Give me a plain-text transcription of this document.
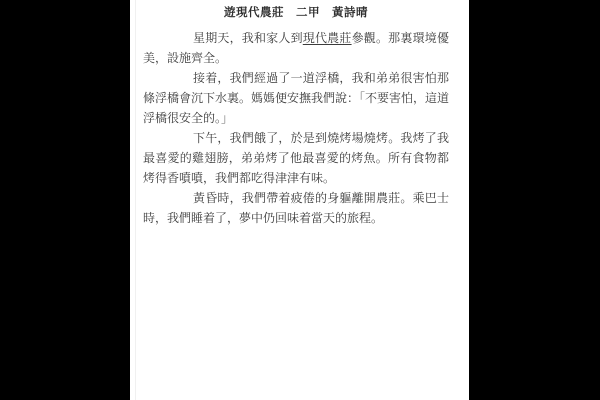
遊現代農莊　二甲　黃詩晴

星期天，我和家人到現代農莊參觀。那裏環境優美，設施齊全。

接着，我們經過了一道浮橋，我和弟弟很害怕那條浮橋會沉下水裏。媽媽便安撫我們說：「不要害怕，這道浮橋很安全的。」

下午，我們餓了，於是到燒烤場燒烤。我烤了我最喜愛的雞翅膀，弟弟烤了他最喜愛的烤魚。所有食物都烤得香噴噴，我們都吃得津津有味。

黃昏時，我們帶着疲倦的身軀離開農莊。乘巴士時，我們睡着了，夢中仍回味着當天的旅程。
